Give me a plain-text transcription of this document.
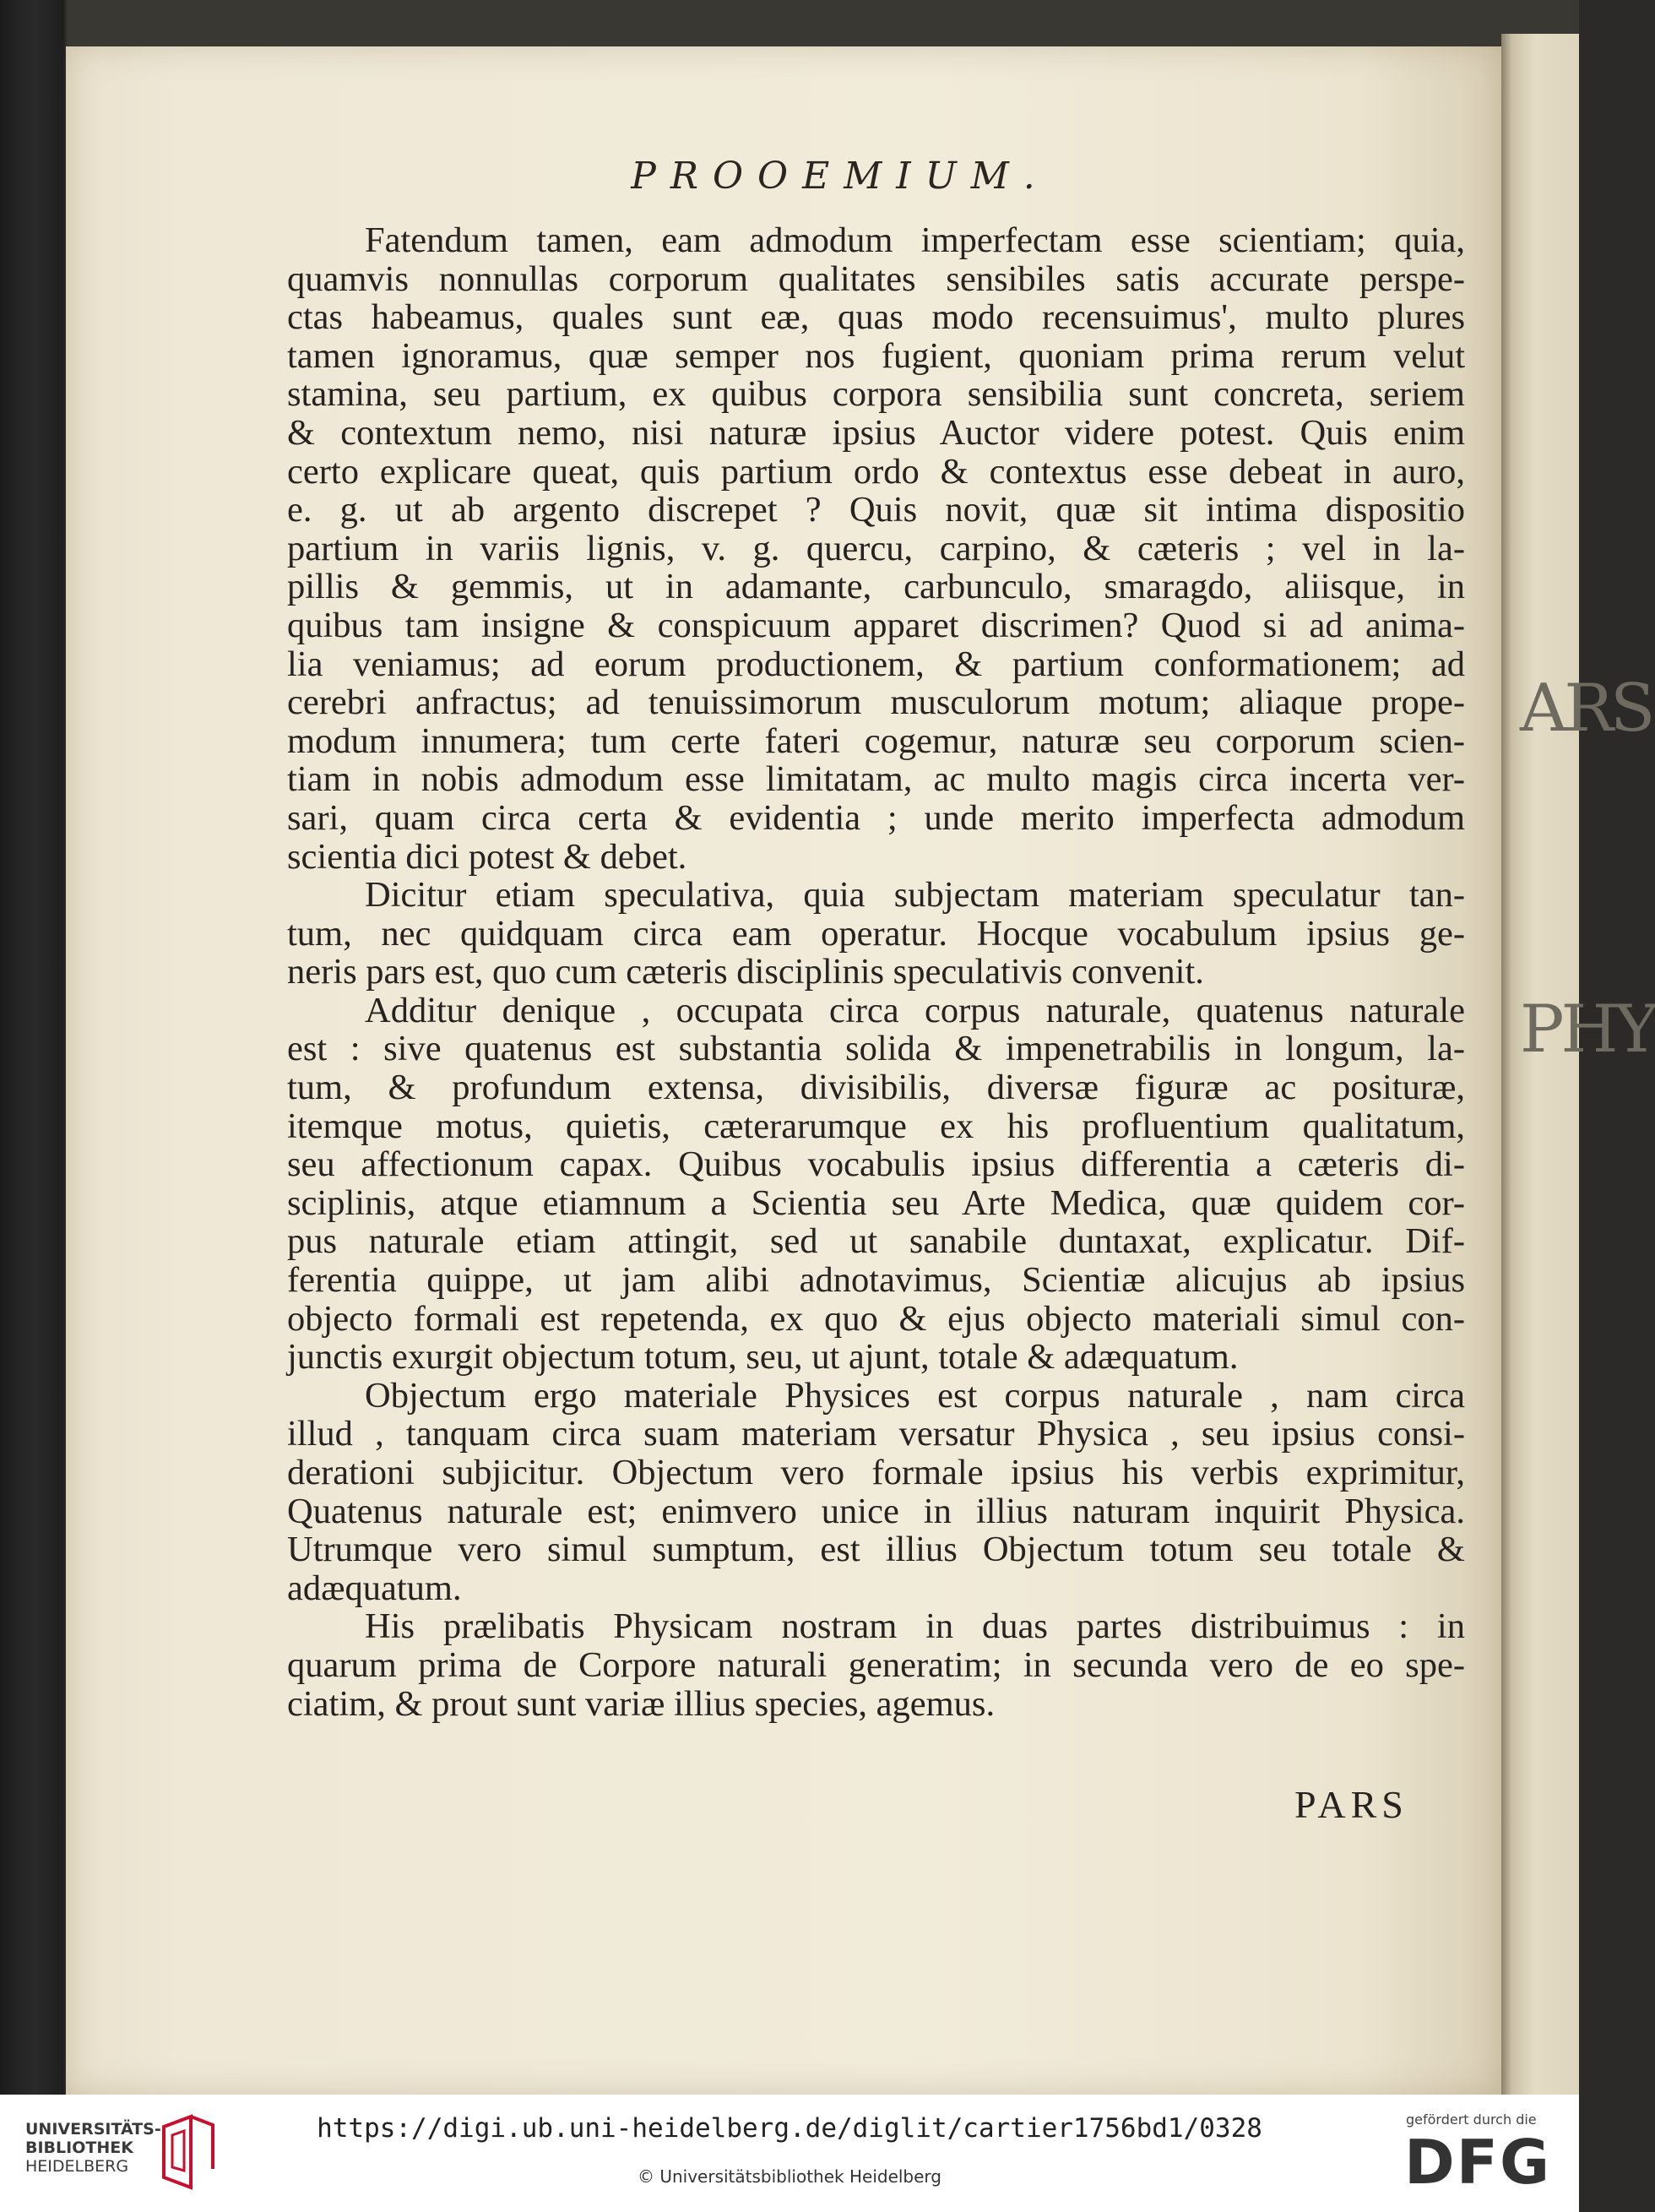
ARS
PHY
PROOEMIUM.
Fatendum tamen, eam admodum imperfectam esse scientiam; quia,
quamvis nonnullas corporum qualitates sensibiles satis accurate perspe-
ctas habeamus, quales sunt eæ, quas modo recensuimus', multo plures
tamen ignoramus, quæ semper nos fugient, quoniam prima rerum velut
stamina, seu partium, ex quibus corpora sensibilia sunt concreta, seriem
& contextum nemo, nisi naturæ ipsius Auctor videre potest. Quis enim
certo explicare queat, quis partium ordo & contextus esse debeat in auro,
e. g. ut ab argento discrepet ? Quis novit, quæ sit intima dispositio
partium in variis lignis, v. g. quercu, carpino, & cæteris ; vel in la-
pillis & gemmis, ut in adamante, carbunculo, smaragdo, aliisque, in
quibus tam insigne & conspicuum apparet discrimen? Quod si ad anima-
lia veniamus; ad eorum productionem, & partium conformationem; ad
cerebri anfractus; ad tenuissimorum musculorum motum; aliaque prope-
modum innumera; tum certe fateri cogemur, naturæ seu corporum scien-
tiam in nobis admodum esse limitatam, ac multo magis circa incerta ver-
sari, quam circa certa & evidentia ; unde merito imperfecta admodum
scientia dici potest & debet.
Dicitur etiam speculativa, quia subjectam materiam speculatur tan-
tum, nec quidquam circa eam operatur. Hocque vocabulum ipsius ge-
neris pars est, quo cum cæteris disciplinis speculativis convenit.
Additur denique , occupata circa corpus naturale, quatenus naturale
est : sive quatenus est substantia solida & impenetrabilis in longum, la-
tum, & profundum extensa, divisibilis, diversæ figuræ ac posituræ,
itemque motus, quietis, cæterarumque ex his profluentium qualitatum,
seu affectionum capax. Quibus vocabulis ipsius differentia a cæteris di-
sciplinis, atque etiamnum a Scientia seu Arte Medica, quæ quidem cor-
pus naturale etiam attingit, sed ut sanabile duntaxat, explicatur. Dif-
ferentia quippe, ut jam alibi adnotavimus, Scientiæ alicujus ab ipsius
objecto formali est repetenda, ex quo & ejus objecto materiali simul con-
junctis exurgit objectum totum, seu, ut ajunt, totale & adæquatum.
Objectum ergo materiale Physices est corpus naturale , nam circa
illud , tanquam circa suam materiam versatur Physica , seu ipsius consi-
derationi subjicitur. Objectum vero formale ipsius his verbis exprimitur,
Quatenus naturale est; enimvero unice in illius naturam inquirit Physica.
Utrumque vero simul sumptum, est illius Objectum totum seu totale &
adæquatum.
His prælibatis Physicam nostram in duas partes distribuimus : in
quarum prima de Corpore naturali generatim; in secunda vero de eo spe-
ciatim, & prout sunt variæ illius species, agemus.
PARS
UNIVERSITÄTS-
BIBLIOTHEK
HEIDELBERG
https://digi.ub.uni-heidelberg.de/diglit/cartier1756bd1/0328
© Universitätsbibliothek Heidelberg
gefördert durch die
DFG
